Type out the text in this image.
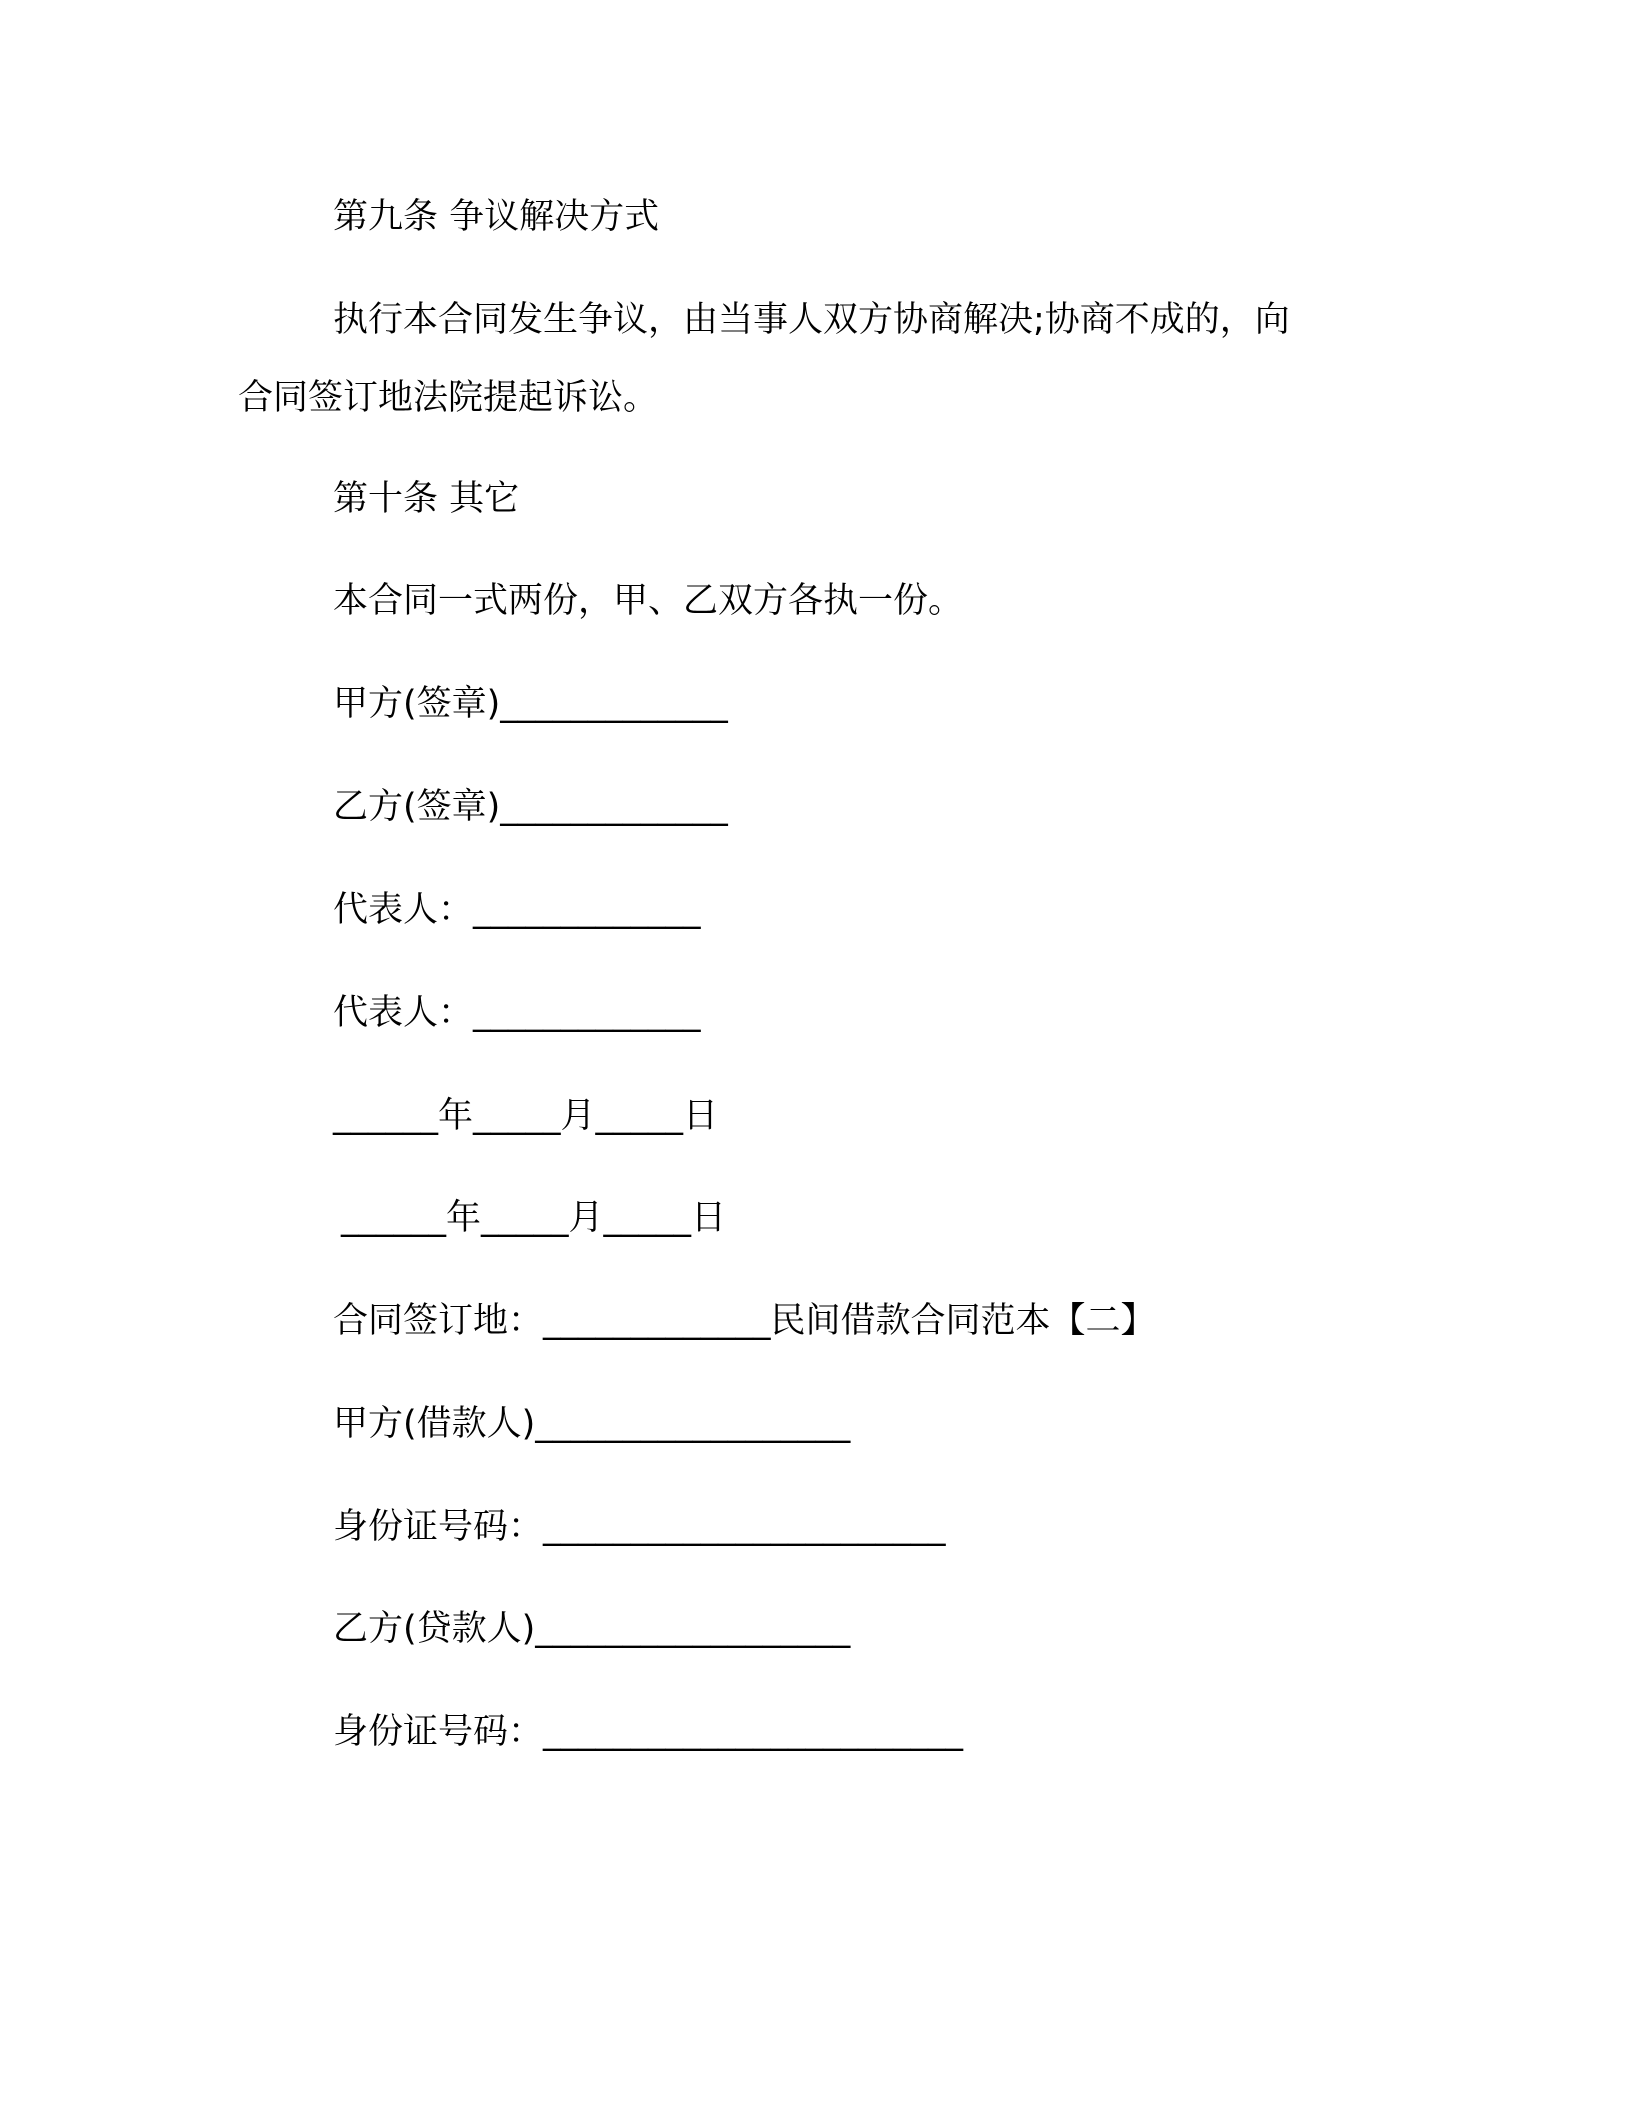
第九条 争议解决方式

执行本合同发生争议，由当事人双方协商解决;协商不成的，向

合同签订地法院提起诉讼。

第十条 其它

本合同一式两份，甲、乙双方各执一份。

甲方(签章)_____________

乙方(签章)_____________

代表人：_____________

代表人：_____________

______年_____月_____日

______年_____月_____日

合同签订地：_____________民间借款合同范本【二】

甲方(借款人)__________________

身份证号码：_______________________

乙方(贷款人)__________________

身份证号码：________________________
